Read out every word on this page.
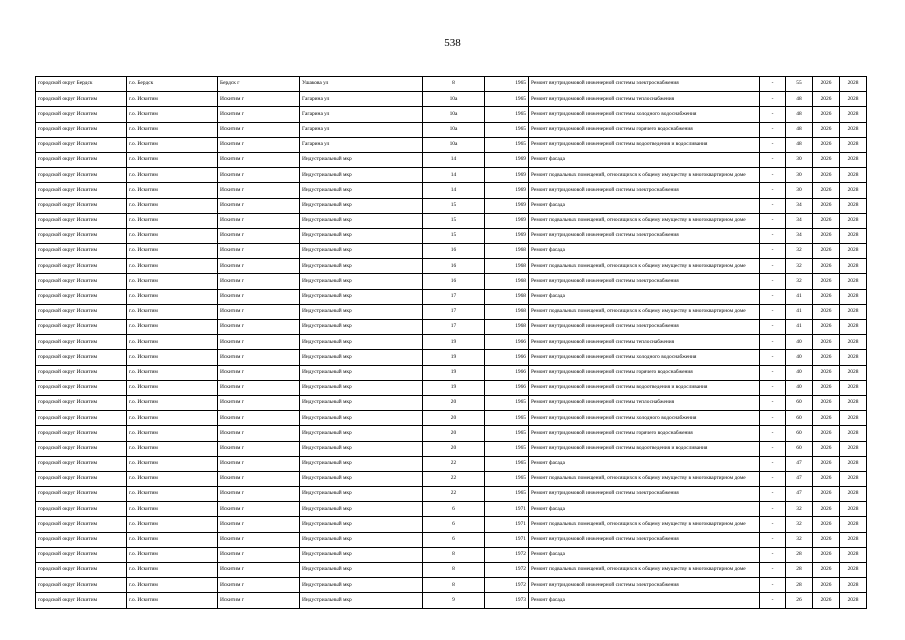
538
городской округ Бердск	г.о. Бердск	Бердск г	Ушакова ул	8	1965	Ремонт внутридомовой инженерной системы электроснабжения	-	55	2026	2028
городской округ Искитим	г.о. Искитим	Искитим г	Гагарина ул	10а	1965	Ремонт внутридомовой инженерной системы теплоснабжения	-	48	2026	2028
городской округ Искитим	г.о. Искитим	Искитим г	Гагарина ул	10а	1965	Ремонт внутридомовой инженерной системы холодного водоснабжения	-	48	2026	2028
городской округ Искитим	г.о. Искитим	Искитим г	Гагарина ул	10а	1965	Ремонт внутридомовой инженерной системы горячего водоснабжения	-	48	2026	2028
городской округ Искитим	г.о. Искитим	Искитим г	Гагарина ул	10а	1965	Ремонт внутридомовой инженерной системы водоотведения и водосливания	-	48	2026	2028
городской округ Искитим	г.о. Искитим	Искитим г	Индустриальный мкр	14	1969	Ремонт фасада	-	30	2026	2028
городской округ Искитим	г.о. Искитим	Искитим г	Индустриальный мкр	14	1969	Ремонт подвальных помещений, относящихся к общему имуществу в многоквартирном доме	-	30	2026	2028
городской округ Искитим	г.о. Искитим	Искитим г	Индустриальный мкр	14	1969	Ремонт внутридомовой инженерной системы электроснабжения	-	30	2026	2028
городской округ Искитим	г.о. Искитим	Искитим г	Индустриальный мкр	15	1969	Ремонт фасада	-	34	2026	2028
городской округ Искитим	г.о. Искитим	Искитим г	Индустриальный мкр	15	1969	Ремонт подвальных помещений, относящихся к общему имуществу в многоквартирном доме	-	34	2026	2028
городской округ Искитим	г.о. Искитим	Искитим г	Индустриальный мкр	15	1969	Ремонт внутридомовой инженерной системы электроснабжения	-	34	2026	2028
городской округ Искитим	г.о. Искитим	Искитим г	Индустриальный мкр	16	1968	Ремонт фасада	-	32	2026	2028
городской округ Искитим	г.о. Искитим	Искитим г	Индустриальный мкр	16	1968	Ремонт подвальных помещений, относящихся к общему имуществу в многоквартирном доме	-	32	2026	2028
городской округ Искитим	г.о. Искитим	Искитим г	Индустриальный мкр	16	1968	Ремонт внутридомовой инженерной системы электроснабжения	-	32	2026	2028
городской округ Искитим	г.о. Искитим	Искитим г	Индустриальный мкр	17	1968	Ремонт фасада	-	41	2026	2028
городской округ Искитим	г.о. Искитим	Искитим г	Индустриальный мкр	17	1968	Ремонт подвальных помещений, относящихся к общему имуществу в многоквартирном доме	-	41	2026	2028
городской округ Искитим	г.о. Искитим	Искитим г	Индустриальный мкр	17	1968	Ремонт внутридомовой инженерной системы электроснабжения	-	41	2026	2028
городской округ Искитим	г.о. Искитим	Искитим г	Индустриальный мкр	19	1966	Ремонт внутридомовой инженерной системы теплоснабжения	-	40	2026	2028
городской округ Искитим	г.о. Искитим	Искитим г	Индустриальный мкр	19	1966	Ремонт внутридомовой инженерной системы холодного водоснабжения	-	40	2026	2028
городской округ Искитим	г.о. Искитим	Искитим г	Индустриальный мкр	19	1966	Ремонт внутридомовой инженерной системы горячего водоснабжения	-	40	2026	2028
городской округ Искитим	г.о. Искитим	Искитим г	Индустриальный мкр	19	1966	Ремонт внутридомовой инженерной системы водоотведения и водосливания	-	40	2026	2028
городской округ Искитим	г.о. Искитим	Искитим г	Индустриальный мкр	20	1965	Ремонт внутридомовой инженерной системы теплоснабжения	-	60	2026	2028
городской округ Искитим	г.о. Искитим	Искитим г	Индустриальный мкр	20	1965	Ремонт внутридомовой инженерной системы холодного водоснабжения	-	60	2026	2028
городской округ Искитим	г.о. Искитим	Искитим г	Индустриальный мкр	20	1965	Ремонт внутридомовой инженерной системы горячего водоснабжения	-	60	2026	2028
городской округ Искитим	г.о. Искитим	Искитим г	Индустриальный мкр	20	1965	Ремонт внутридомовой инженерной системы водоотведения и водосливания	-	60	2026	2028
городской округ Искитим	г.о. Искитим	Искитим г	Индустриальный мкр	22	1965	Ремонт фасада	-	47	2026	2028
городской округ Искитим	г.о. Искитим	Искитим г	Индустриальный мкр	22	1965	Ремонт подвальных помещений, относящихся к общему имуществу в многоквартирном доме	-	47	2026	2028
городской округ Искитим	г.о. Искитим	Искитим г	Индустриальный мкр	22	1965	Ремонт внутридомовой инженерной системы электроснабжения	-	47	2026	2028
городской округ Искитим	г.о. Искитим	Искитим г	Индустриальный мкр	6	1971	Ремонт фасада	-	32	2026	2028
городской округ Искитим	г.о. Искитим	Искитим г	Индустриальный мкр	6	1971	Ремонт подвальных помещений, относящихся к общему имуществу в многоквартирном доме	-	32	2026	2028
городской округ Искитим	г.о. Искитим	Искитим г	Индустриальный мкр	6	1971	Ремонт внутридомовой инженерной системы электроснабжения	-	32	2026	2028
городской округ Искитим	г.о. Искитим	Искитим г	Индустриальный мкр	8	1972	Ремонт фасада	-	28	2026	2028
городской округ Искитим	г.о. Искитим	Искитим г	Индустриальный мкр	8	1972	Ремонт подвальных помещений, относящихся к общему имуществу в многоквартирном доме	-	28	2026	2028
городской округ Искитим	г.о. Искитим	Искитим г	Индустриальный мкр	8	1972	Ремонт внутридомовой инженерной системы электроснабжения	-	28	2026	2028
городской округ Искитим	г.о. Искитим	Искитим г	Индустриальный мкр	9	1973	Ремонт фасада	-	26	2026	2028
